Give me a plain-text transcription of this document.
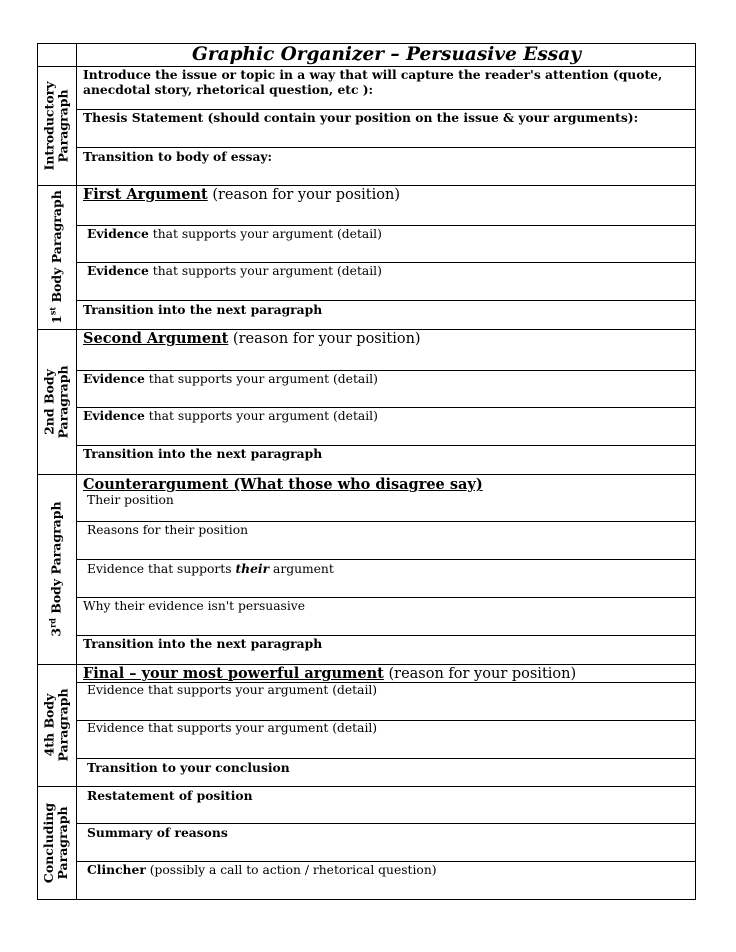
Graphic Organizer – Persuasive Essay
Introductory Paragraph
1st Body Paragraph
2nd Body Paragraph
3rd Body Paragraph
4th Body Paragraph
Concluding Paragraph
Introduce the issue or topic in a way that will capture the reader's attention (quote, anecdotal story, rhetorical question, etc ):
Thesis Statement (should contain your position on the issue & your arguments):
Transition to body of essay:
First Argument (reason for your position)
Evidence that supports your argument (detail)
Evidence that supports your argument (detail)
Transition into the next paragraph
Second Argument (reason for your position)
Evidence that supports your argument (detail)
Evidence that supports your argument (detail)
Transition into the next paragraph
Counterargument (What those who disagree say)
Their position
Reasons for their position
Evidence that supports their argument
Why their evidence isn't persuasive
Transition into the next paragraph
Final – your most powerful argument (reason for your position)
Evidence that supports your argument (detail)
Evidence that supports your argument (detail)
Transition to your conclusion
Restatement of position
Summary of reasons
Clincher (possibly a call to action / rhetorical question)
